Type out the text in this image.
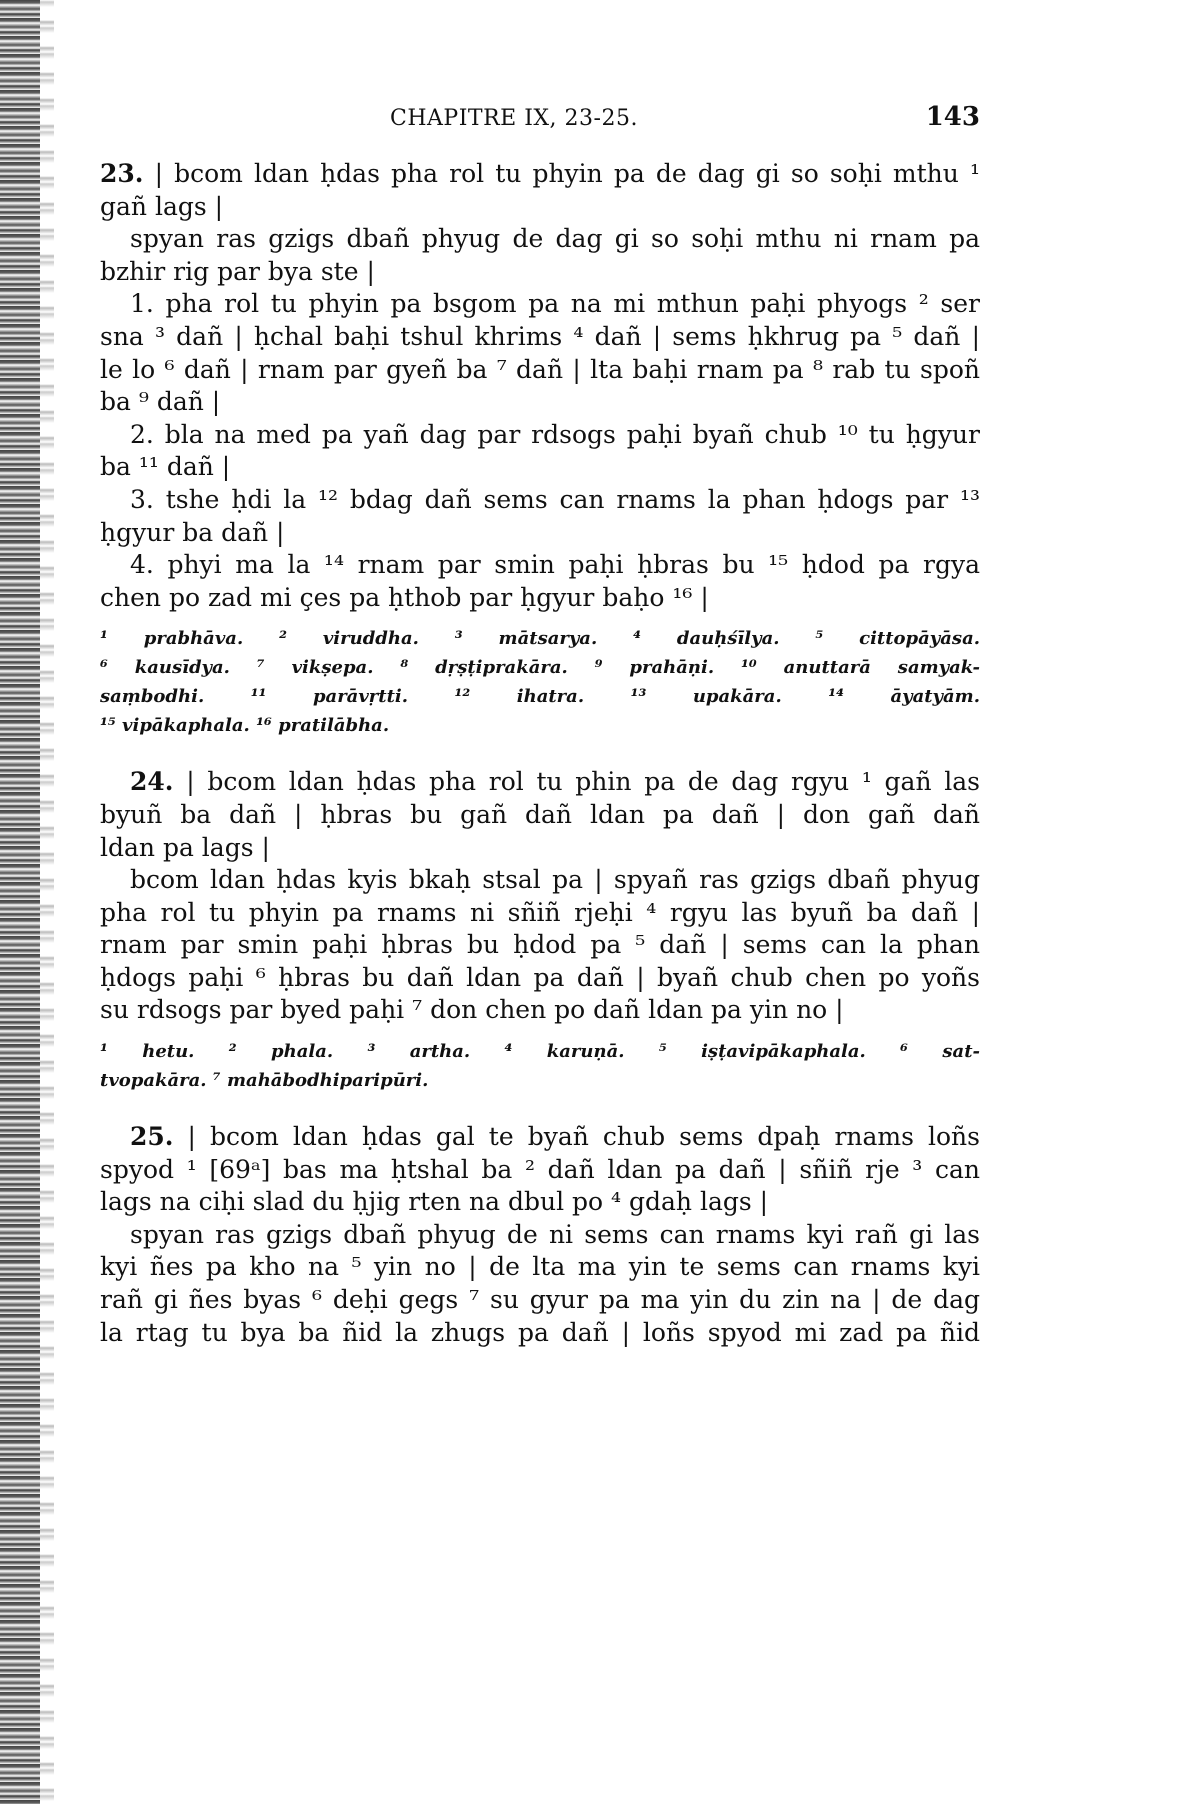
CHAPITRE IX, 23-25.	143
23. | bcom ldan ḥdas pha rol tu phyin pa de dag gi so soḥi mthu ¹
gañ lags |
spyan ras gzigs dbañ phyug de dag gi so soḥi mthu ni rnam pa
bzhir rig par bya ste |
1. pha rol tu phyin pa bsgom pa na mi mthun paḥi phyogs ² ser
sna ³ dañ | ḥchal baḥi tshul khrims ⁴ dañ | sems ḥkhrug pa ⁵ dañ |
le lo ⁶ dañ | rnam par gyeñ ba ⁷ dañ | lta baḥi rnam pa ⁸ rab tu spoñ
ba ⁹ dañ |
2. bla na med pa yañ dag par rdsogs paḥi byañ chub ¹⁰ tu ḥgyur
ba ¹¹ dañ |
3. tshe ḥdi la ¹² bdag dañ sems can rnams la phan ḥdogs par ¹³
ḥgyur ba dañ |
4. phyi ma la ¹⁴ rnam par smin paḥi ḥbras bu ¹⁵ ḥdod pa rgya
chen po zad mi çes pa ḥthob par ḥgyur baḥo ¹⁶ |
¹ prabhāva. ² viruddha. ³ mātsarya. ⁴ dauḥśīlya. ⁵ cittopāyāsa.
⁶ kausīdya. ⁷ vikṣepa. ⁸ dṛṣṭiprakāra. ⁹ prahāṇi. ¹⁰ anuttarā samyak-
saṃbodhi. ¹¹ parāvṛtti. ¹² ihatra. ¹³ upakāra. ¹⁴ āyatyām.
¹⁵ vipākaphala. ¹⁶ pratilābha.
24. | bcom ldan ḥdas pha rol tu phin pa de dag rgyu ¹ gañ las
byuñ ba dañ | ḥbras bu gañ dañ ldan pa dañ | don gañ dañ
ldan pa lags |
bcom ldan ḥdas kyis bkaḥ stsal pa | spyañ ras gzigs dbañ phyug
pha rol tu phyin pa rnams ni sñiñ rjeḥi ⁴ rgyu las byuñ ba dañ |
rnam par smin paḥi ḥbras bu ḥdod pa ⁵ dañ | sems can la phan
ḥdogs paḥi ⁶ ḥbras bu dañ ldan pa dañ | byañ chub chen po yoñs
su rdsogs par byed paḥi ⁷ don chen po dañ ldan pa yin no |
¹ hetu. ² phala. ³ artha. ⁴ karuṇā. ⁵ iṣṭavipākaphala. ⁶ sat-
tvopakāra. ⁷ mahābodhiparipūri.
25. | bcom ldan ḥdas gal te byañ chub sems dpaḥ rnams loñs
spyod ¹ [69ᵃ] bas ma ḥtshal ba ² dañ ldan pa dañ | sñiñ rje ³ can
lags na ciḥi slad du ḥjig rten na dbul po ⁴ gdaḥ lags |
spyan ras gzigs dbañ phyug de ni sems can rnams kyi rañ gi las
kyi ñes pa kho na ⁵ yin no | de lta ma yin te sems can rnams kyi
rañ gi ñes byas ⁶ deḥi gegs ⁷ su gyur pa ma yin du zin na | de dag
la rtag tu bya ba ñid la zhugs pa dañ | loñs spyod mi zad pa ñid
